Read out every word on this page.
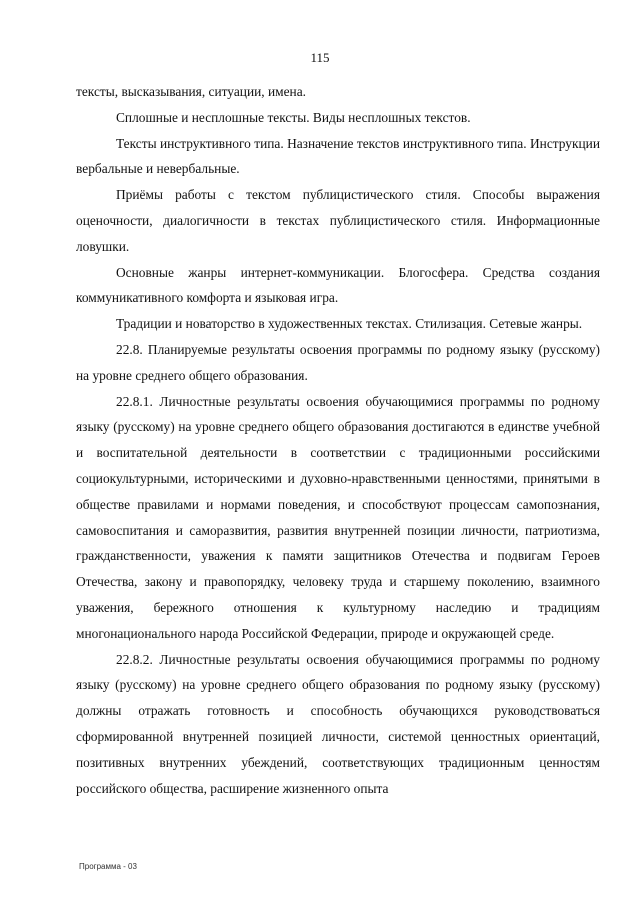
115

тексты, высказывания, ситуации, имена.

Сплошные и несплошные тексты. Виды несплошных текстов.

Тексты инструктивного типа. Назначение текстов инструктивного типа. Инструкции вербальные и невербальные.

Приёмы работы с текстом публицистического стиля. Способы выражения оценочности, диалогичности в текстах публицистического стиля. Информационные ловушки.

Основные жанры интернет-коммуникации. Блогосфера. Средства создания коммуникативного комфорта и языковая игра.

Традиции и новаторство в художественных текстах. Стилизация. Сетевые жанры.

22.8. Планируемые результаты освоения программы по родному языку (русскому) на уровне среднего общего образования.

22.8.1. Личностные результаты освоения обучающимися программы по родному языку (русскому) на уровне среднего общего образования достигаются в единстве учебной и воспитательной деятельности в соответствии с традиционными российскими социокультурными, историческими и духовно-нравственными ценностями, принятыми в обществе правилами и нормами поведения, и способствуют процессам самопознания, самовоспитания и саморазвития, развития внутренней позиции личности, патриотизма, гражданственности, уважения к памяти защитников Отечества и подвигам Героев Отечества, закону и правопорядку, человеку труда и старшему поколению, взаимного уважения, бережного отношения к культурному наследию и традициям многонационального народа Российской Федерации, природе и окружающей среде.

22.8.2. Личностные результаты освоения обучающимися программы по родному языку (русскому) на уровне среднего общего образования по родному языку (русскому) должны отражать готовность и способность обучающихся руководствоваться сформированной внутренней позицией личности, системой ценностных ориентаций, позитивных внутренних убеждений, соответствующих традиционным ценностям российского общества, расширение жизненного опыта

Программа - 03
